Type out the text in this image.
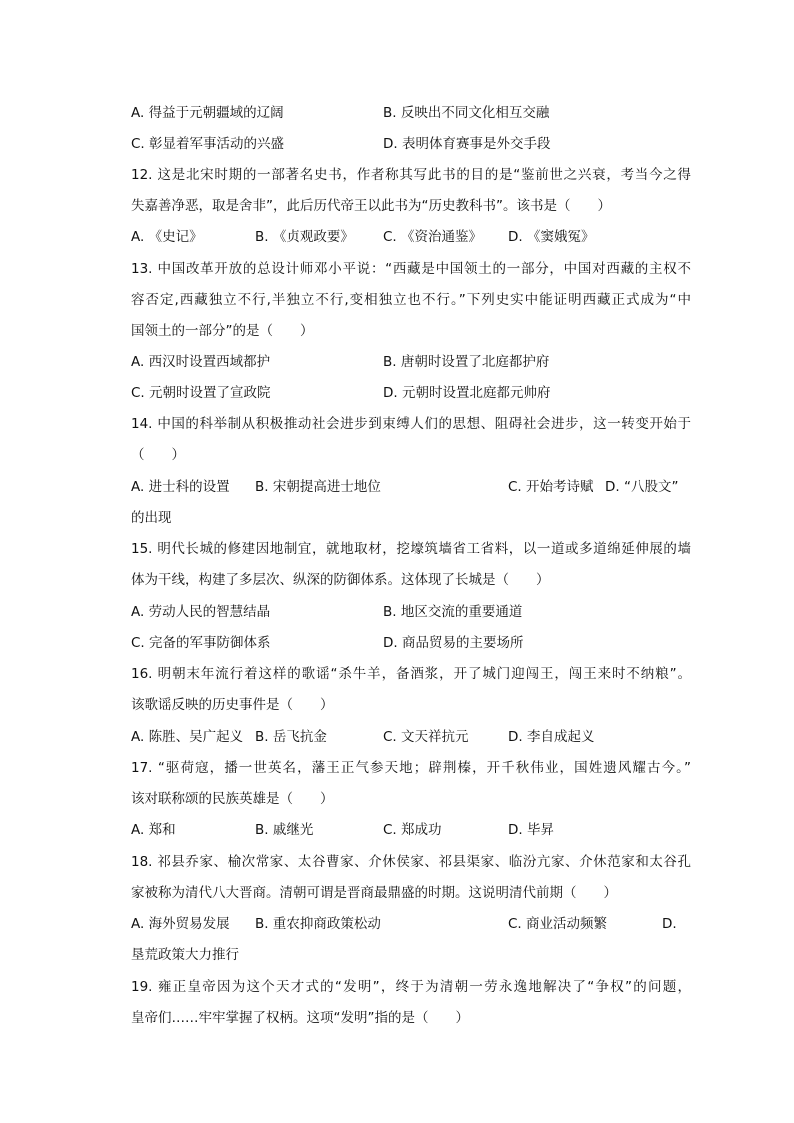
A. 得益于元朝疆域的辽阔	B. 反映出不同文化相互交融
C. 彰显着军事活动的兴盛	D. 表明体育赛事是外交手段
12. 这是北宋时期的一部著名史书，作者称其写此书的目的是“鉴前世之兴衰，考当今之得
失嘉善净恶，取是舍非”，此后历代帝王以此书为“历史教科书”。该书是（　　）
A. 《史记》	B. 《贞观政要》 C. 《资治通鉴》 D. 《窦娥冤》
13. 中国改革开放的总设计师邓小平说：“西藏是中国领土的一部分，中国对西藏的主权不
容否定,西藏独立不行,半独立不行,变相独立也不行。”下列史实中能证明西藏正式成为“中
国领土的一部分”的是（　　）
A. 西汉时设置西域都护	B. 唐朝时设置了北庭都护府
C. 元朝时设置了宣政院	D. 元朝时设置北庭都元帅府
14. 中国的科举制从积极推动社会进步到束缚人们的思想、阻碍社会进步，这一转变开始于
（　　）
A. 进士科的设置 B. 宋朝提高进士地位	C. 开始考诗赋 D. “八股文”
的出现
15. 明代长城的修建因地制宜，就地取材，挖壕筑墙省工省料，以一道或多道绵延伸展的墙
体为干线，构建了多层次、纵深的防御体系。这体现了长城是（　　）
A. 劳动人民的智慧结晶	B. 地区交流的重要通道
C. 完备的军事防御体系	D. 商品贸易的主要场所
16. 明朝末年流行着这样的歌谣“杀牛羊，备酒浆，开了城门迎闯王，闯王来时不纳粮”。
该歌谣反映的历史事件是（　　）
A. 陈胜、吴广起义 B. 岳飞抗金	C. 文天祥抗元	D. 李自成起义
17. “驱荷寇，播一世英名，藩王正气参天地；辟荆榛，开千秋伟业，国姓遗风耀古今。”
该对联称颂的民族英雄是（　　）
A. 郑和	B. 戚继光	C. 郑成功	D. 毕昇
18. 祁县乔家、榆次常家、太谷曹家、介休侯家、祁县渠家、临汾亢家、介休范家和太谷孔
家被称为清代八大晋商。清朝可谓是晋商最鼎盛的时期。这说明清代前期（　　）
A. 海外贸易发展 B. 重农抑商政策松动	C. 商业活动频繁	D.
垦荒政策大力推行
19. 雍正皇帝因为这个天才式的“发明”，终于为清朝一劳永逸地解决了“争权”的问题，
皇帝们……牢牢掌握了权柄。这项“发明”指的是（　　）
